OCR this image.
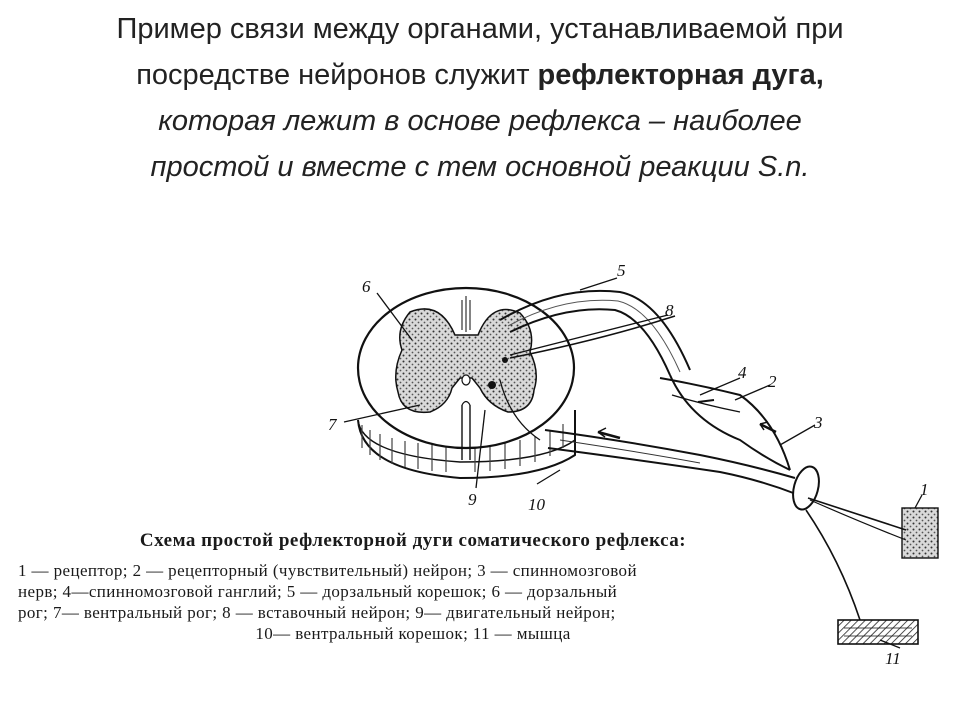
Пример связи между органами, устанавливаемой при
посредстве нейронов служит рефлекторная дуга,
которая лежит в основе рефлекса – наиболее
простой и вместе с тем основной реакции S.n.
1
2
3
4
5
6
7
8
9	10
11
Схема простой рефлекторной дуги соматического рефлекса:
1 — рецептор; 2 — рецепторный (чувствительный) нейрон; 3 — спинномозговой
нерв; 4—спинномозговой ганглий; 5 — дорзальный корешок; 6 — дорзальный
рог; 7— вентральный рог; 8 — вставочный нейрон; 9— двигательный нейрон;

10— вентральный корешок; 11 — мышца
